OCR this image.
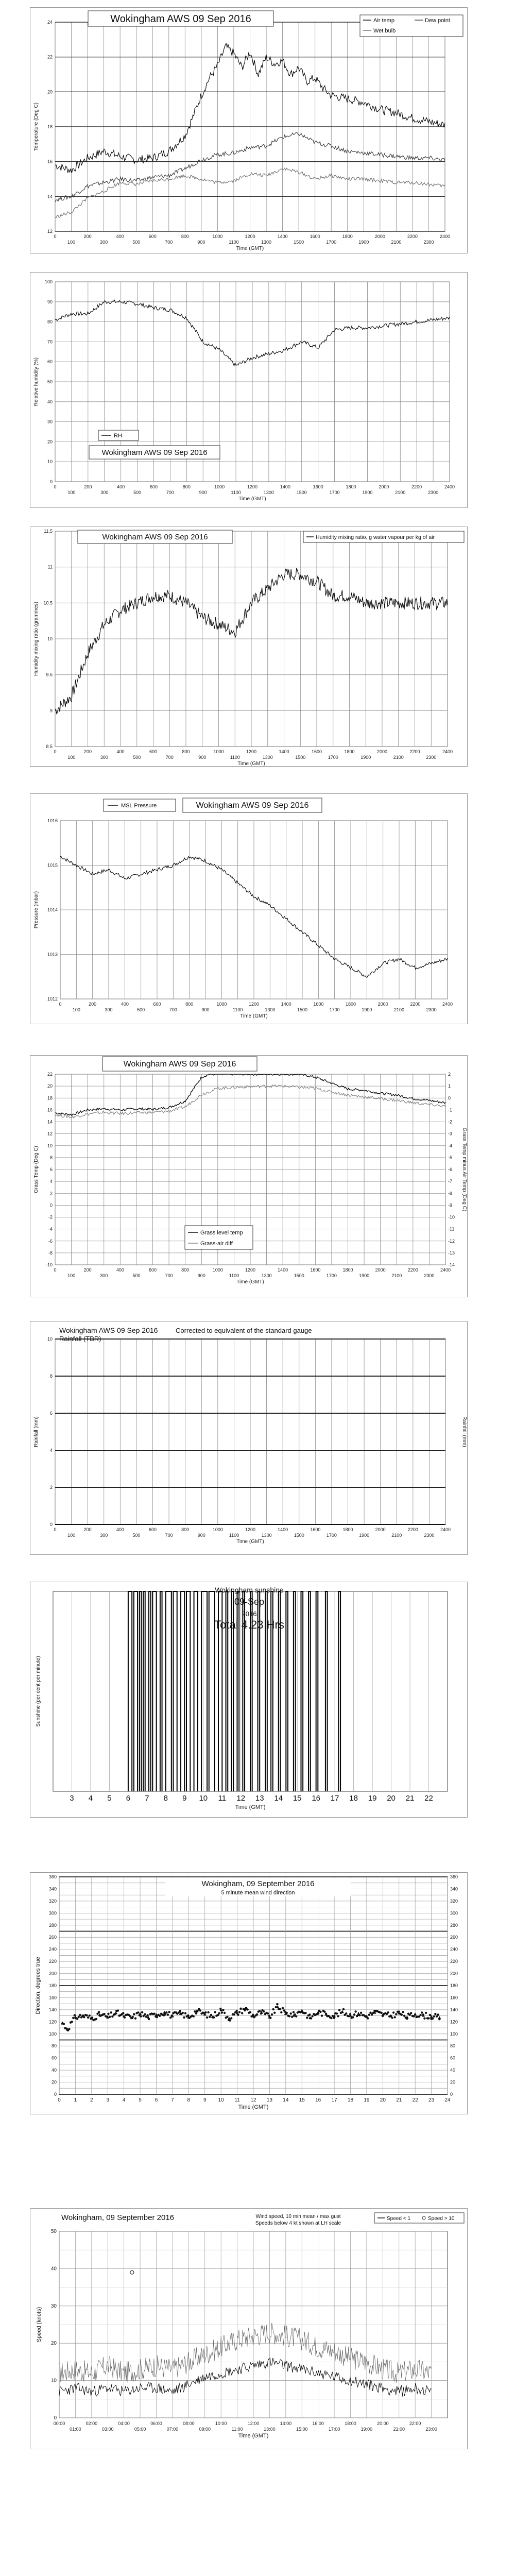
0
100
200
300
400
500
600
700
800
900
1000
1100
1200
1300
1400
1500
1600
1700
1800
1900
2000
2100
2200
2300
2400
12
14
16
18
20
22
24
Time (GMT)
Temperature (Deg C)
Wokingham AWS 09 Sep 2016	Air temp	Dew point
Wet bulb
0
100
200
300
400
500
600
700
800
900
1000
1100
1200
1300
1400
1500
1600
1700
1800
1900
2000
2100
2200
2300
2400
0
10
20
30
40
50
60
70
80
90
100
Time (GMT)
Relative humidity (%)
RH
Wokingham AWS 09 Sep 2016
0
100
200
300
400
500
600
700
800
900
1000
1100
1200
1300
1400
1500
1600
1700
1800
1900
2000
2100
2200
2300
2400
8.5
9
9.5
10
10.5
11
11.5
Time (GMT)
Humidity mixing ratio (grammes)
Wokingham AWS 09 Sep 2016	Humidity mixing ratio, g water vapour per kg of air
0
100
200
300
400
500
600
700
800
900
1000
1100
1200
1300
1400
1500
1600
1700
1800
1900
2000
2100
2200
2300
2400
1012
1013
1014
1015
1016
Time (GMT)
Pressure (mbar)
MSL Pressure	Wokingham AWS 09 Sep 2016
0
100
200
300
400
500
600
700
800
900
1000
1100
1200
1300
1400
1500
1600
1700
1800
1900
2000
2100
2200
2300
2400
-10
-8
-6
-4
-2
0
2
4
6
8
10
12
14
16
18
20
22
-14
-13
-12
-11
-10
-9
-8
-7
-6
-5
-4
-3
-2
-1
0
1
2
Time (GMT)
Grass Temp (Deg C)	Grass Temp minus Air Temp (Deg C)
Wokingham AWS 09 Sep 2016
Grass level temp
Grass-air diff
0
100
200
300
400
500
600
700
800
900
1000
1100
1200
1300
1400
1500
1600
1700
1800
1900
2000
2100
2200
2300
2400
0
2
4
6
8
10
Time (GMT)
Rainfall (mm)	Rainfall (mm)
Wokingham AWS 09 Sep 2016
Rainfall (TBR)
Corrected to equivalent of the standard gauge
3 4 5 6 7 8 9 10 11 12 13 14 15 16 17 18 19 20 21 22
Time (GMT)
Sunshine (per cent per minute)
Wokingham sunshine
09-Sep
2016
Total 4.23 Hrs
0	0
20	20
40	40
60	60
80	80
100	100
120	120
140	140
160	160
180	180
200	200
220	220
240	240
260	260
280	280
300	300
320	320
340	340
360	360
0	1	2	3	4	5	6	7	8	9 10 11 12 13 14 15 16 17 18 19 20 21 22 23 24
Time (GMT)
Direction, degrees true
Wokingham, 09 September 2016
5 minute mean wind direction
0
10
20
30
40
50
00:00
01:00
02:00
03:00
04:00
05:00
06:00
07:00
08:00
09:00
10:00
11:00
12:00
13:00
14:00
15:00
16:00
17:00
18:00
19:00
20:00
21:00
22:00
23:00
Time (GMT)
Speed (knots)
Wokingham, 09 September 2016	Wind speed, 10 min mean / max gust
Speeds below 4 kt shown at LH scale
Speed < 1	Speed > 10
